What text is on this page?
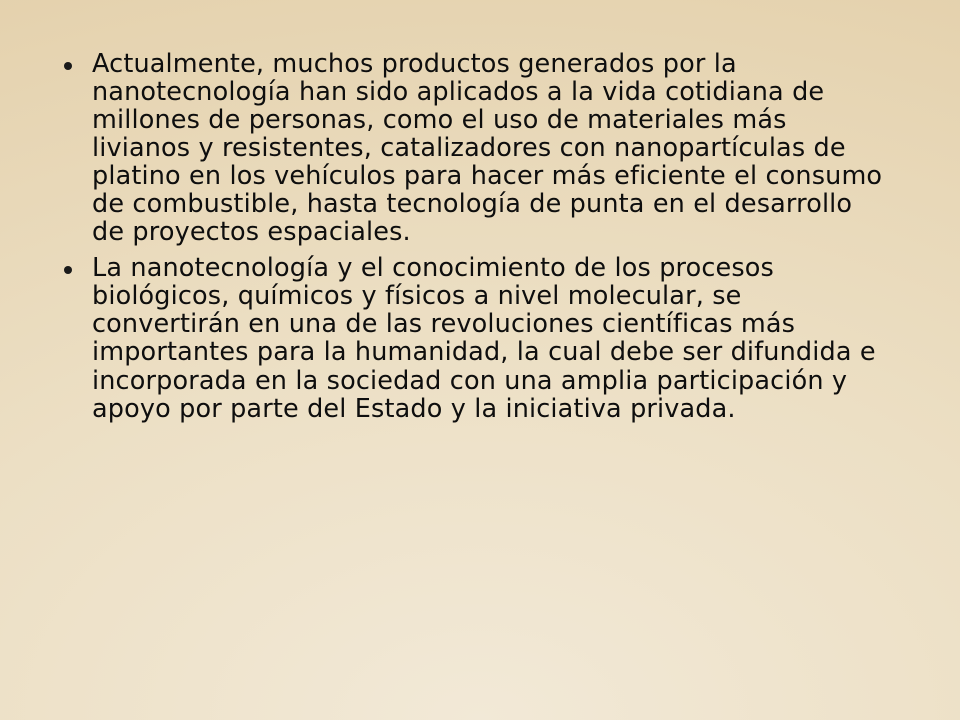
Actualmente, muchos productos generados por la nanotecnología han sido aplicados a la vida cotidiana de millones de personas, como el uso de materiales más livianos y resistentes, catalizadores con nanopartículas de platino en los vehículos para hacer más eficiente el consumo de combustible, hasta tecnología de punta en el desarrollo de proyectos espaciales.
La nanotecnología y el conocimiento de los procesos biológicos, químicos y físicos a nivel molecular, se convertirán en una de las revoluciones científicas más importantes para la humanidad, la cual debe ser difundida e incorporada en la sociedad con una amplia participación y apoyo por parte del Estado y la iniciativa privada.
